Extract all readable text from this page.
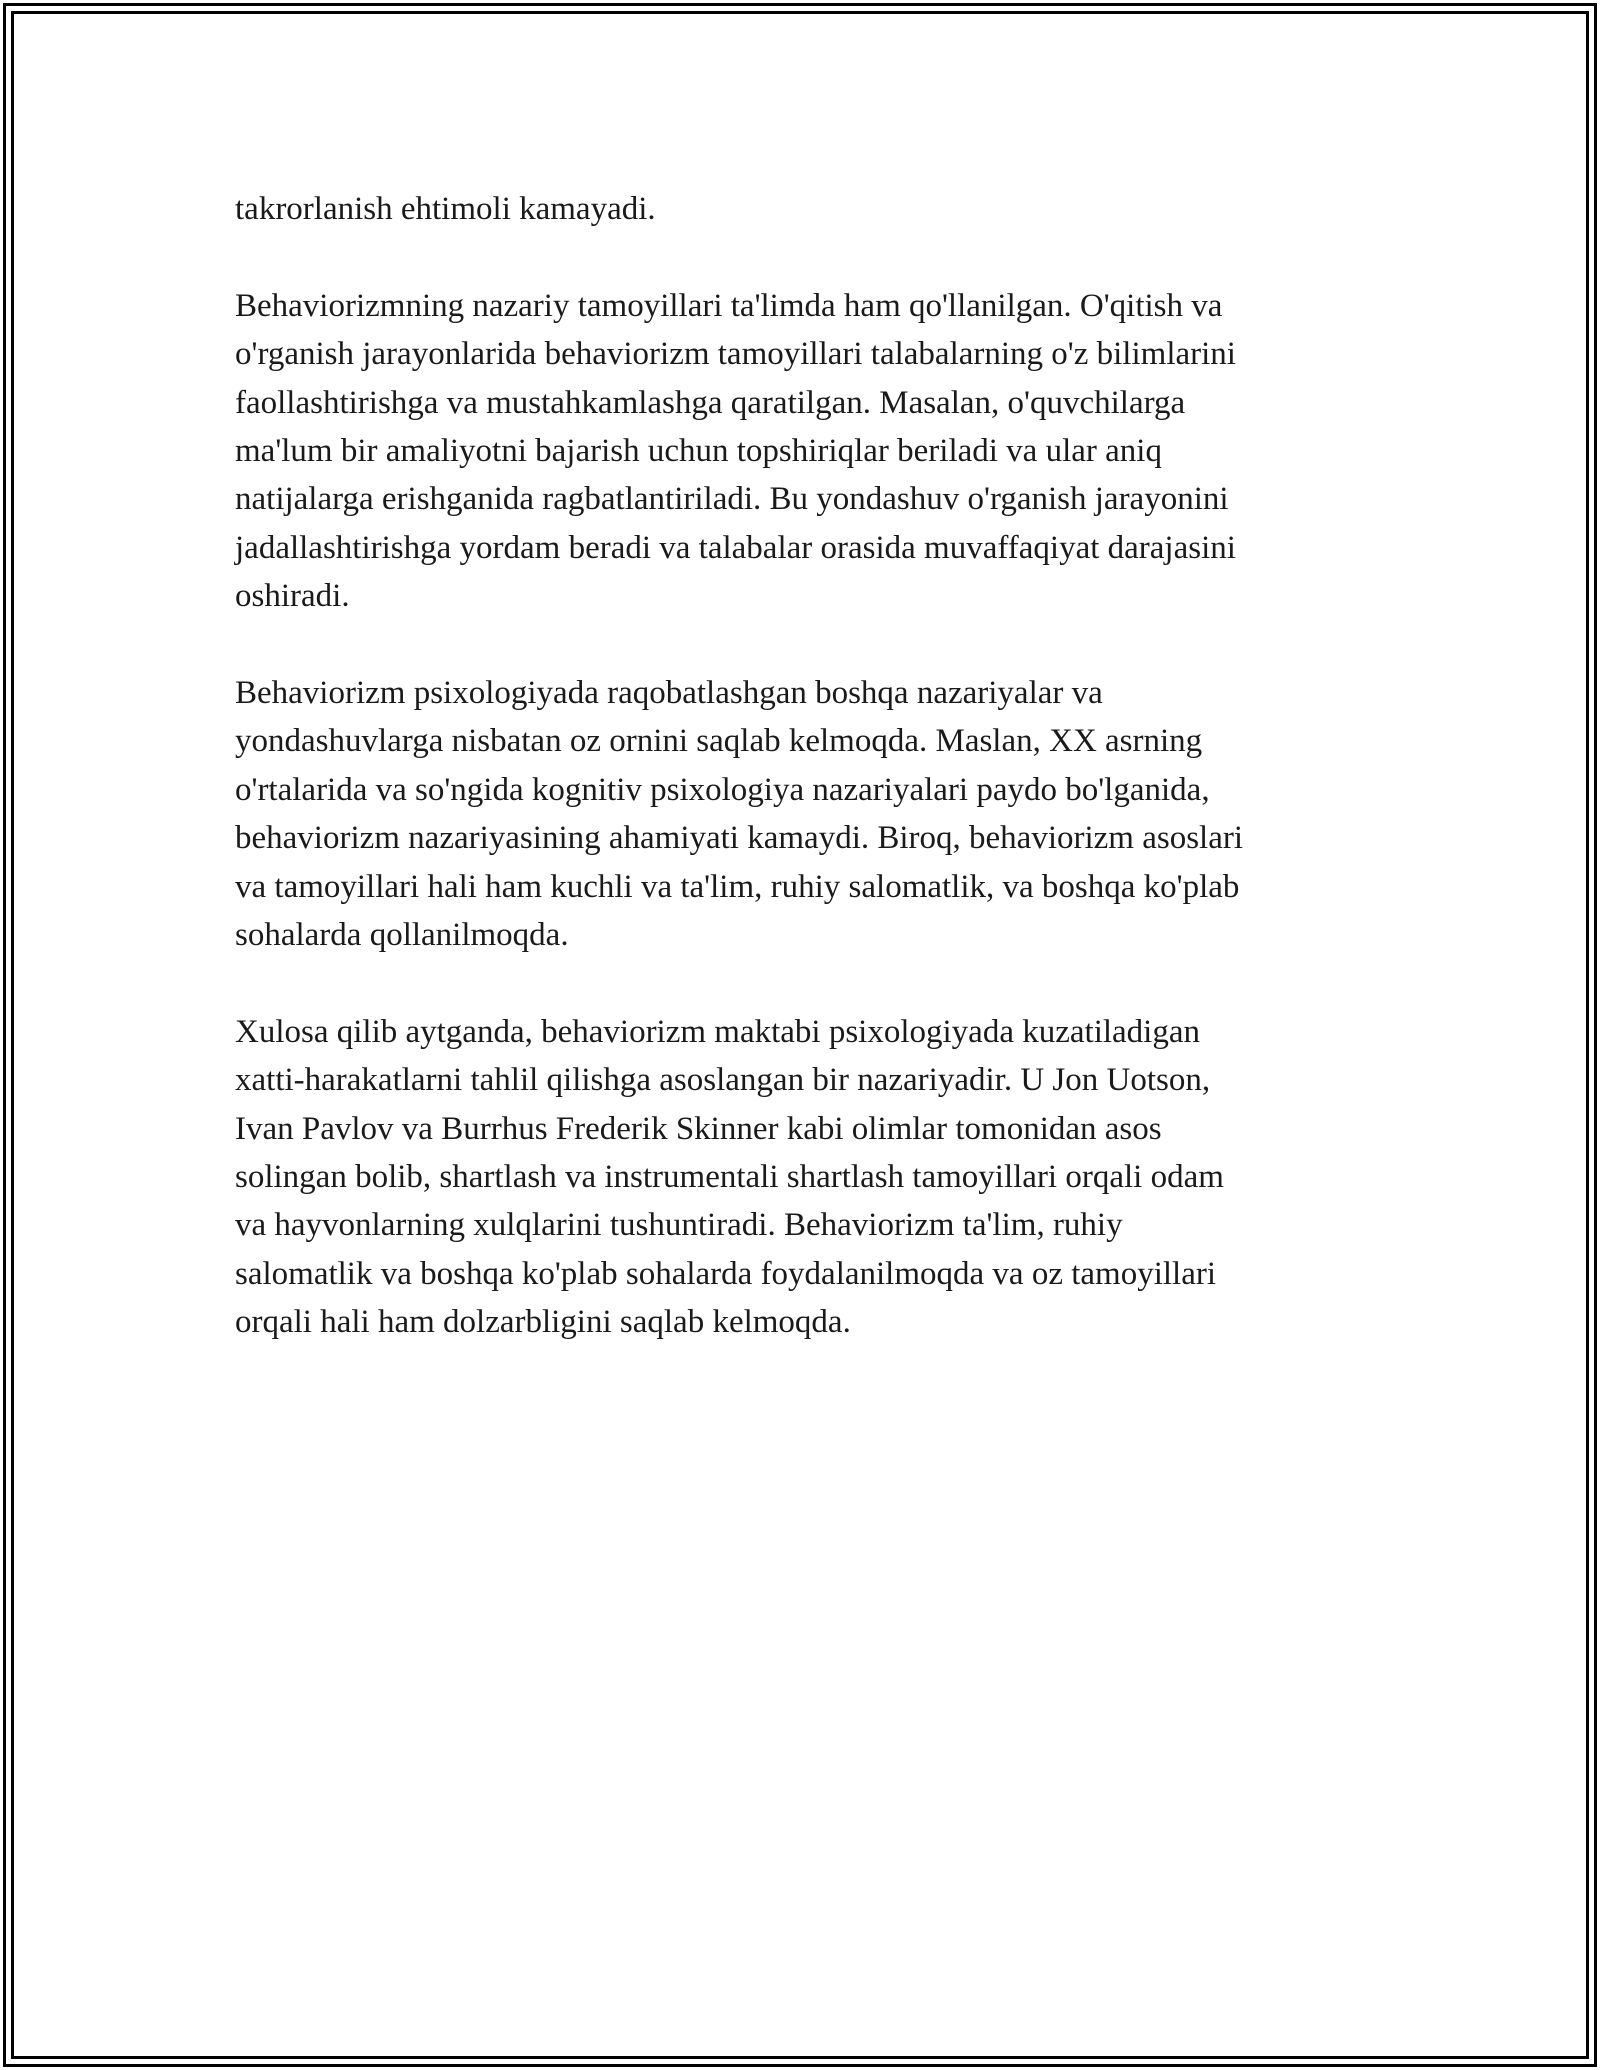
takrorlanish ehtimoli kamayadi.

Behaviorizmning nazariy tamoyillari ta'limda ham qo'llanilgan. O'qitish va
o'rganish jarayonlarida behaviorizm tamoyillari talabalarning o'z bilimlarini
faollashtirishga va mustahkamlashga qaratilgan. Masalan, o'quvchilarga
ma'lum bir amaliyotni bajarish uchun topshiriqlar beriladi va ular aniq
natijalarga erishganida ragbatlantiriladi. Bu yondashuv o'rganish jarayonini
jadallashtirishga yordam beradi va talabalar orasida muvaffaqiyat darajasini
oshiradi.

Behaviorizm psixologiyada raqobatlashgan boshqa nazariyalar va
yondashuvlarga nisbatan oz ornini saqlab kelmoqda. Maslan, XX asrning
o'rtalarida va so'ngida kognitiv psixologiya nazariyalari paydo bo'lganida,
behaviorizm nazariyasining ahamiyati kamaydi. Biroq, behaviorizm asoslari
va tamoyillari hali ham kuchli va ta'lim, ruhiy salomatlik, va boshqa ko'plab
sohalarda qollanilmoqda.

Xulosa qilib aytganda, behaviorizm maktabi psixologiyada kuzatiladigan
xatti-harakatlarni tahlil qilishga asoslangan bir nazariyadir. U Jon Uotson,
Ivan Pavlov va Burrhus Frederik Skinner kabi olimlar tomonidan asos
solingan bolib, shartlash va instrumentali shartlash tamoyillari orqali odam
va hayvonlarning xulqlarini tushuntiradi. Behaviorizm ta'lim, ruhiy
salomatlik va boshqa ko'plab sohalarda foydalanilmoqda va oz tamoyillari
orqali hali ham dolzarbligini saqlab kelmoqda.
